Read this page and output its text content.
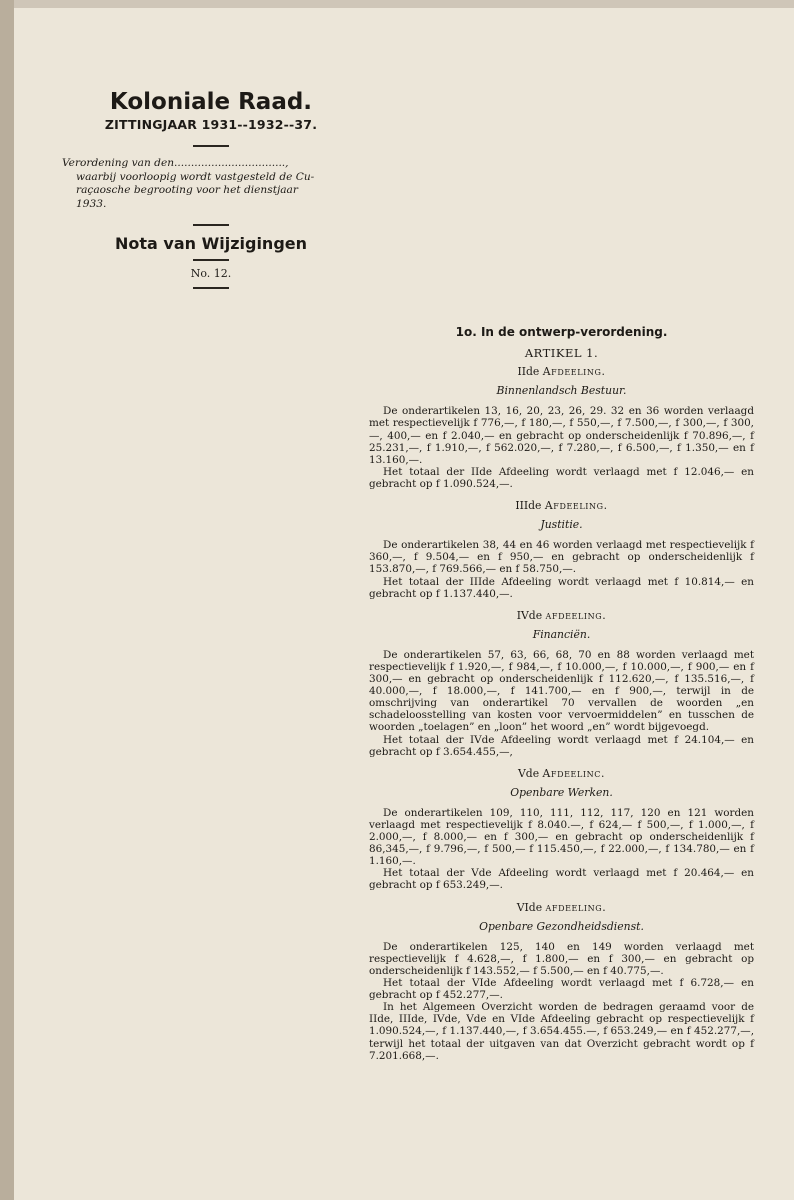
Koloniale Raad.
ZITTINGJAAR 1931--1932--37.
Verordening van den.................................,
waarbij voorloopig wordt vastgesteld de Cu-
raçaosche begrooting voor het dienstjaar
1933.
Nota van Wijzigingen
No. 12.
1o. In de ontwerp-verordening.
ARTIKEL 1.
IIde Afdeeling.
Binnenlandsch Bestuur.

De onderartikelen 13, 16, 20, 23, 26, 29. 32 en 36 worden verlaagd met respectievelijk f 776,—, f 180,—, f 550,—, f 7.500,—, f 300,—, f 300,—, 400,— en f 2.040,— en gebracht op onderscheidenlijk f 70.896,—, f 25.231,—, f 1.910,—, f 562.020,—, f 7.280,—, f 6.500,—, f 1.350,— en f 13.160,—.

Het totaal der IIde Afdeeling wordt verlaagd met f 12.046,— en gebracht op f 1.090.524,—.

IIIde Afdeeling.
Justitie.

De onderartikelen 38, 44 en 46 worden verlaagd met respectievelijk f 360,—, f 9.504,— en f 950,— en gebracht op onderscheidenlijk f 153.870,—, f 769.566,— en f 58.750,—.

Het totaal der IIIde Afdeeling wordt verlaagd met f 10.814,— en gebracht op f 1.137.440,—.

IVde afdeeling.
Financiën.

De onderartikelen 57, 63, 66, 68, 70 en 88 worden verlaagd met respectievelijk f 1.920,—, f 984,—, f 10.000,—, f 10.000,—, f 900,— en f 300,— en gebracht op onderscheidenlijk f 112.620,—, f 135.516,—, f 40.000,—, f 18.000,—, f 141.700,— en f 900,—, terwijl in de omschrijving van onderartikel 70 vervallen de woorden „en schadeloosstelling van kosten voor vervoermiddelen” en tusschen de woorden „toelagen” en „loon” het woord „en” wordt bijgevoegd.

Het totaal der IVde Afdeeling wordt verlaagd met f 24.104,— en gebracht op f 3.654.455,—,

Vde Afdeelinc.
Openbare Werken.

De onderartikelen 109, 110, 111, 112, 117, 120 en 121 worden verlaagd met respectievelijk f 8.040.—, f 624,— f 500,—, f 1.000,—, f 2.000,—, f 8.000,— en f 300,— en gebracht op onderscheidenlijk f 86,345,—, f 9.796,—, f 500,— f 115.450,—, f 22.000,—, f 134.780,— en f 1.160,—.

Het totaal der Vde Afdeeling wordt verlaagd met f 20.464,— en gebracht op f 653.249,—.

VIde afdeeling.
Openbare Gezondheidsdienst.

De onderartikelen 125, 140 en 149 worden verlaagd met respectievelijk f 4.628,—, f 1.800,— en f 300,— en gebracht op onderscheidenlijk f 143.552,— f 5.500,— en f 40.775,—.

Het totaal der VIde Afdeeling wordt verlaagd met f 6.728,— en gebracht op f 452.277,—.

In het Algemeen Overzicht worden de bedragen geraamd voor de IIde, IIIde, IVde, Vde en VIde Afdeeling gebracht op respectievelijk f 1.090.524,—, f 1.137.440,—, f 3.654.455.—, f 653.249,— en f 452.277,—, terwijl het totaal der uitgaven van dat Overzicht gebracht wordt op f 7.201.668,—.
